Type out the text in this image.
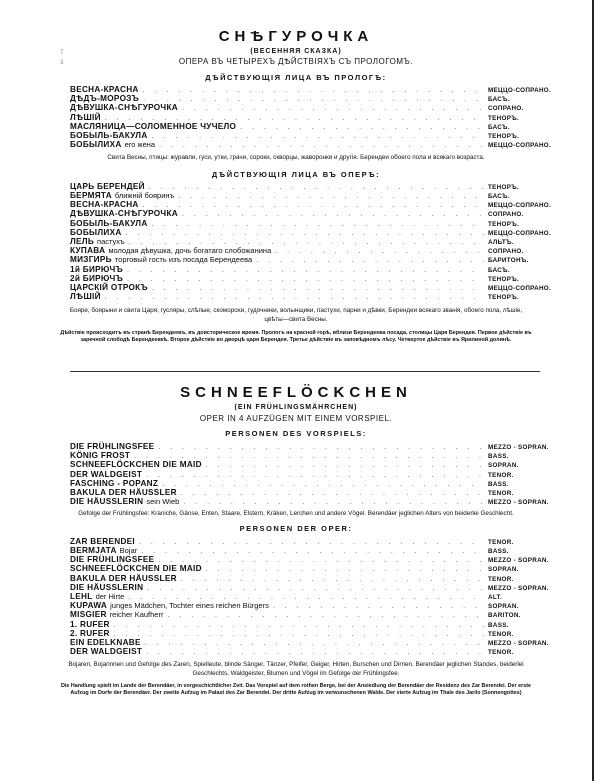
7
3
СНѢГУРОЧКА
(ВЕСЕННЯЯ СКАЗКА)
ОПЕРА ВЪ ЧЕТЫРЕХЪ ДѢЙСТВІЯХЪ СЪ ПРОЛОГОМЪ.
ДѢЙСТВУЮЩІЯ ЛИЦА ВЪ ПРОЛОГѢ:
ВЕСНА-КРАСНА . . .	МЕЦЦО-СОПРАНО.
ДѢДЪ-МОРОЗЪ . . .	БАСЪ.
ДѢВУШКА-СНѢГУРОЧКА . . .	СОПРАНО.
ЛѢШІЙ . . .	ТЕНОРЪ.
МАСЛЯНИЦА—СОЛОМЕННОЕ ЧУЧЕЛО . . .	БАСЪ.
БОБЫЛЬ-БАКУЛА . . .	ТЕНОРЪ.
БОБЫЛИХА его жена . . .	МЕЦЦО-СОПРАНО.
Свита Весны, птицы: журавли, гуси, утки, грачи, сороки, скворцы, жаворонки и другія. Берендеи обоего пола и всякаго возраста.
ДѢЙСТВУЮЩІЯ ЛИЦА ВЪ ОПЕРѢ:
ЦАРЬ БЕРЕНДЕЙ . . .	ТЕНОРЪ.
БЕРМЯТА ближній бояринъ . . .	БАСЪ.
ВЕСНА-КРАСНА . . .	МЕЦЦО-СОПРАНО.
ДѢВУШКА-СНѢГУРОЧКА . . .	СОПРАНО.
БОБЫЛЬ-БАКУЛА . . .	ТЕНОРЪ.
БОБЫЛИХА . . .	МЕЦЦО-СОПРАНО.
ЛЕЛЬ пастухъ . . .	АЛЬТЪ.
КУПАВА молодая дѣвушка, дочь богатаго слобожанина . . .	СОПРАНО.
МИЗГИРЬ торговый гость изъ посада Берендеева . . .	БАРИТОНЪ.
1й БИРЮЧЪ . . .	БАСЪ.
2й БИРЮЧЪ . . .	ТЕНОРЪ.
ЦАРСКІЙ ОТРОКЪ . . .	МЕЦЦО-СОПРАНО.
ЛѢШІЙ . . .	ТЕНОРЪ.
Бояре, боярыни и свита Царя, гусляры, слѣпые, скоморохи, гудочники, волынщики, пастухи, парни и дѣвки, Берендеи всякаго званія, обоего пола, лѣшіе, цвѣты—свита Весны.
Дѣйствіе происходитъ въ странѣ Берендеевъ, въ доисторическое время. Прологъ на красной горѣ, вблизи Берендеева посада, столицы Царя Берендея. Первое дѣйствіе въ заречной слободѣ Берендеевкѣ. Второе дѣйствіе во дворцѣ царя Берендея. Третье дѣйствіе въ заповѣдномъ лѣсу. Четвертое дѣйствіе въ Ярилиной долинѣ.
SCHNEEFLÖCKCHEN
(EIN FRÜHLINGSMÄHRCHEN)
OPER IN 4 AUFZÜGEN MIT EINEM VORSPIEL.
PERSONEN DES VORSPIELS:
DIE FRÜHLINGSFEE . . .	MEZZO - SOPRAN.
KÖNIG FROST . . .	BASS.
SCHNEEFLÖCKCHEN DIE MAID . . .	SOPRAN.
DER WALDGEIST . . .	TENOR.
FASCHING - POPANZ . . .	BASS.
BAKULA DER HÄUSSLER . . .	TENOR.
DIE HÄUSSLERIN sein Wieb . . .	MEZZO - SOPRAN.
Gefolge der Frühlingsfee: Kraniche, Gänse, Enten, Staare, Elstern, Kräken, Lerchen und andere Vögel. Berendäer jeglichen Alters von beiderlei Geschlecht.
PERSONEN DER OPER:
ZAR BERENDEI . . .	TENOR.
BERMJATA Bojar . . .	BASS.
DIE FRÜHLINGSFEE . . .	MEZZO - SOPRAN.
SCHNEEFLÖCKCHEN DIE MAID . . .	SOPRAN.
BAKULA DER HÄUSSLER . . .	TENOR.
DIE HÄUSSLERIN . . .	MEZZO - SOPRAN.
LEHL der Hirte . . .	ALT.
KUPAWA junges Mädchen, Tochter eines reichen Bürgers . . .	SOPRAN.
MISGIER reicher Kaufherr . . .	BARITON.
1. RUFER . . .	BASS.
2. RUFER . . .	TENOR.
EIN EDELKNABE . . .	MEZZO - SOPRAN.
DER WALDGEIST . . .	TENOR.
Bojaren, Bojarinnen und Gefolge des Zaren, Spielleute, blinde Sänger, Tänzer, Pfeifer, Geiger, Hirten, Burschen und Dirnen. Berendäer jeglichen Standes, beiderlei Geschlechts, Waldgeister, Blumen und Vögel im Gefolge der Frühlingsfee.
Die Handlung spielt im Lande der Berendäer, in vorgeschichtlicher Zeit. Das Vorspiel auf dem rothen Berge, bei der Ansiedlung der Berendäer der Residenz des Zar Berendei. Der erste Aufzug im Dorfe der Berendäer. Der zweite Aufzug im Palast des Zar Berendei. Der dritte Aufzug im verwunschenen Walde. Der vierte Aufzug im Thale des Jarilo (Sonnengottes)
